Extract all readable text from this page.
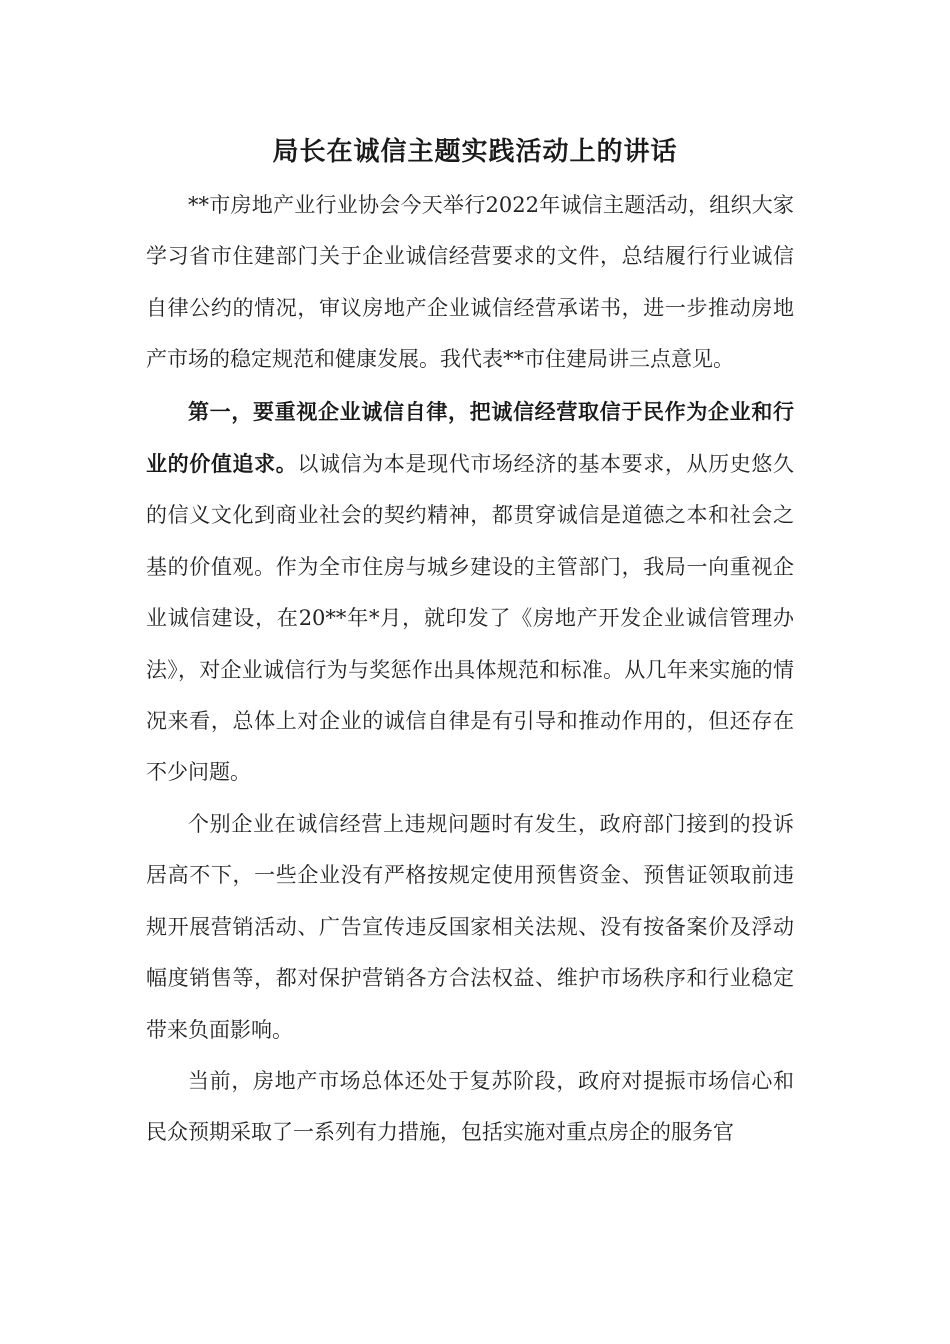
局长在诚信主题实践活动上的讲话

**市房地产业行业协会今天举行2022年诚信主题活动，组织大家学习省市住建部门关于企业诚信经营要求的文件，总结履行行业诚信自律公约的情况，审议房地产企业诚信经营承诺书，进一步推动房地产市场的稳定规范和健康发展。我代表**市住建局讲三点意见。

第一，要重视企业诚信自律，把诚信经营取信于民作为企业和行业的价值追求。以诚信为本是现代市场经济的基本要求，从历史悠久的信义文化到商业社会的契约精神，都贯穿诚信是道德之本和社会之基的价值观。作为全市住房与城乡建设的主管部门，我局一向重视企业诚信建设，在20**年*月，就印发了《房地产开发企业诚信管理办法》，对企业诚信行为与奖惩作出具体规范和标准。从几年来实施的情况来看，总体上对企业的诚信自律是有引导和推动作用的，但还存在不少问题。

个别企业在诚信经营上违规问题时有发生，政府部门接到的投诉居高不下，一些企业没有严格按规定使用预售资金、预售证领取前违规开展营销活动、广告宣传违反国家相关法规、没有按备案价及浮动幅度销售等，都对保护营销各方合法权益、维护市场秩序和行业稳定带来负面影响。

当前，房地产市场总体还处于复苏阶段，政府对提振市场信心和民众预期采取了一系列有力措施，包括实施对重点房企的服务官
